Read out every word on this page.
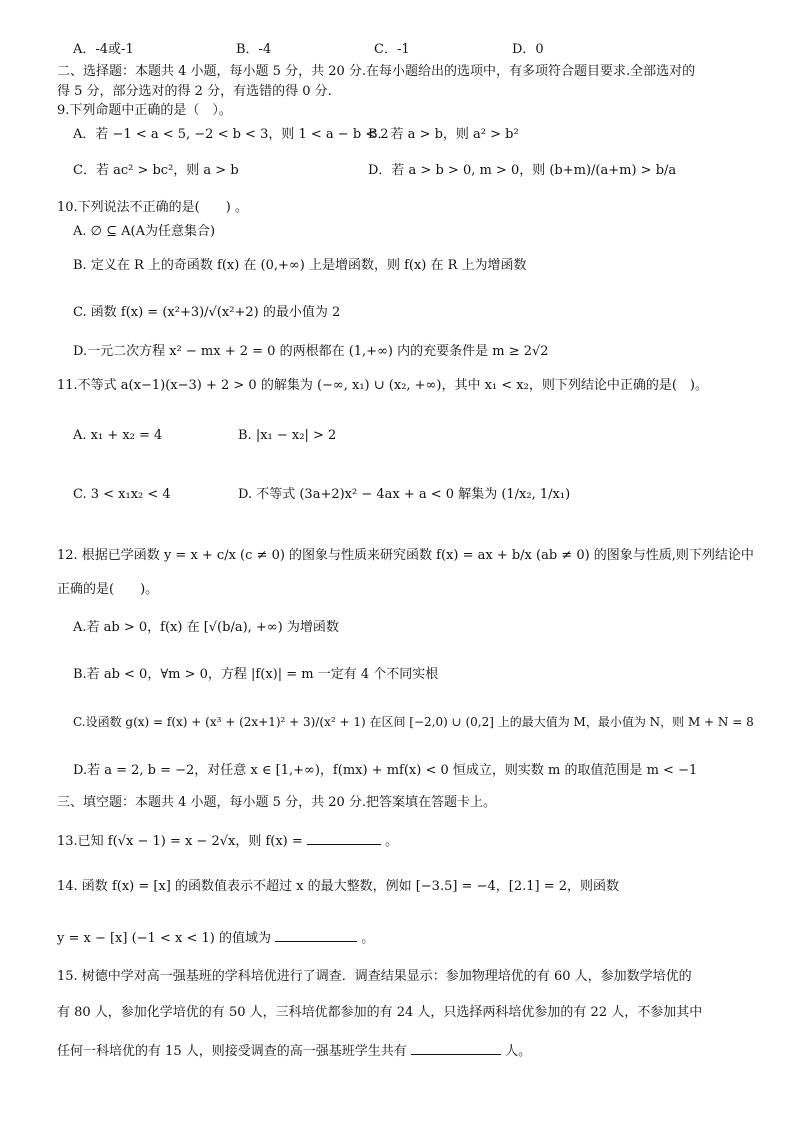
A．-4或-1	B．-4	C．-1	D．0
二、选择题：本题共 4 小题，每小题 5 分，共 20 分.在每小题给出的选项中，有多项符合题目要求.全部选对的
得 5 分，部分选对的得 2 分，有选错的得 0 分.
9.下列命题中正确的是（　）。
A．若 −1 < a < 5, −2 < b < 3，则 1 < a − b < 2
B．若 a > b，则 a² > b²
C．若 ac² > bc²，则 a > b	D．若 a > b > 0, m > 0，则 (b+m)/(a+m) > b/a
10.下列说法不正确的是(　　) 。
A. ∅ ⊆ A(A为任意集合)
B. 定义在 R 上的奇函数 f(x) 在 (0,+∞) 上是增函数，则 f(x) 在 R 上为增函数
C. 函数 f(x) = (x²+3)/√(x²+2) 的最小值为 2
D.一元二次方程 x² − mx + 2 = 0 的两根都在 (1,+∞) 内的充要条件是 m ≥ 2√2
11.不等式 a(x−1)(x−3) + 2 > 0 的解集为 (−∞, x₁) ∪ (x₂, +∞)，其中 x₁ < x₂，则下列结论中正确的是(　)。
A. x₁ + x₂ = 4	B. |x₁ − x₂| > 2
C. 3 < x₁x₂ < 4	D. 不等式 (3a+2)x² − 4ax + a < 0 解集为 (1/x₂, 1/x₁)
12. 根据已学函数 y = x + c/x (c ≠ 0) 的图象与性质来研究函数 f(x) = ax + b/x (ab ≠ 0) 的图象与性质,则下列结论中
正确的是(　　)。
A.若 ab > 0，f(x) 在 [√(b/a), +∞) 为增函数
B.若 ab < 0，∀m > 0，方程 |f(x)| = m 一定有 4 个不同实根
C.设函数 g(x) = f(x) + (x³ + (2x+1)² + 3)/(x² + 1) 在区间 [−2,0) ∪ (0,2] 上的最大值为 M，最小值为 N，则 M + N = 8
D.若 a = 2, b = −2，对任意 x ∈ [1,+∞)，f(mx) + mf(x) < 0 恒成立，则实数 m 的取值范围是 m < −1
三、填空题：本题共 4 小题，每小题 5 分，共 20 分.把答案填在答题卡上。
13.已知 f(√x − 1) = x − 2√x，则 f(x) =	。
14. 函数 f(x) = [x] 的函数值表示不超过 x 的最大整数，例如 [−3.5] = −4，[2.1] = 2，则函数
y = x − [x] (−1 < x < 1) 的值域为	。
15. 树德中学对高一强基班的学科培优进行了调查．调查结果显示：参加物理培优的有 60 人，参加数学培优的
有 80 人，参加化学培优的有 50 人，三科培优都参加的有 24 人，只选择两科培优参加的有 22 人，不参加其中
任何一科培优的有 15 人，则接受调查的高一强基班学生共有	人。
